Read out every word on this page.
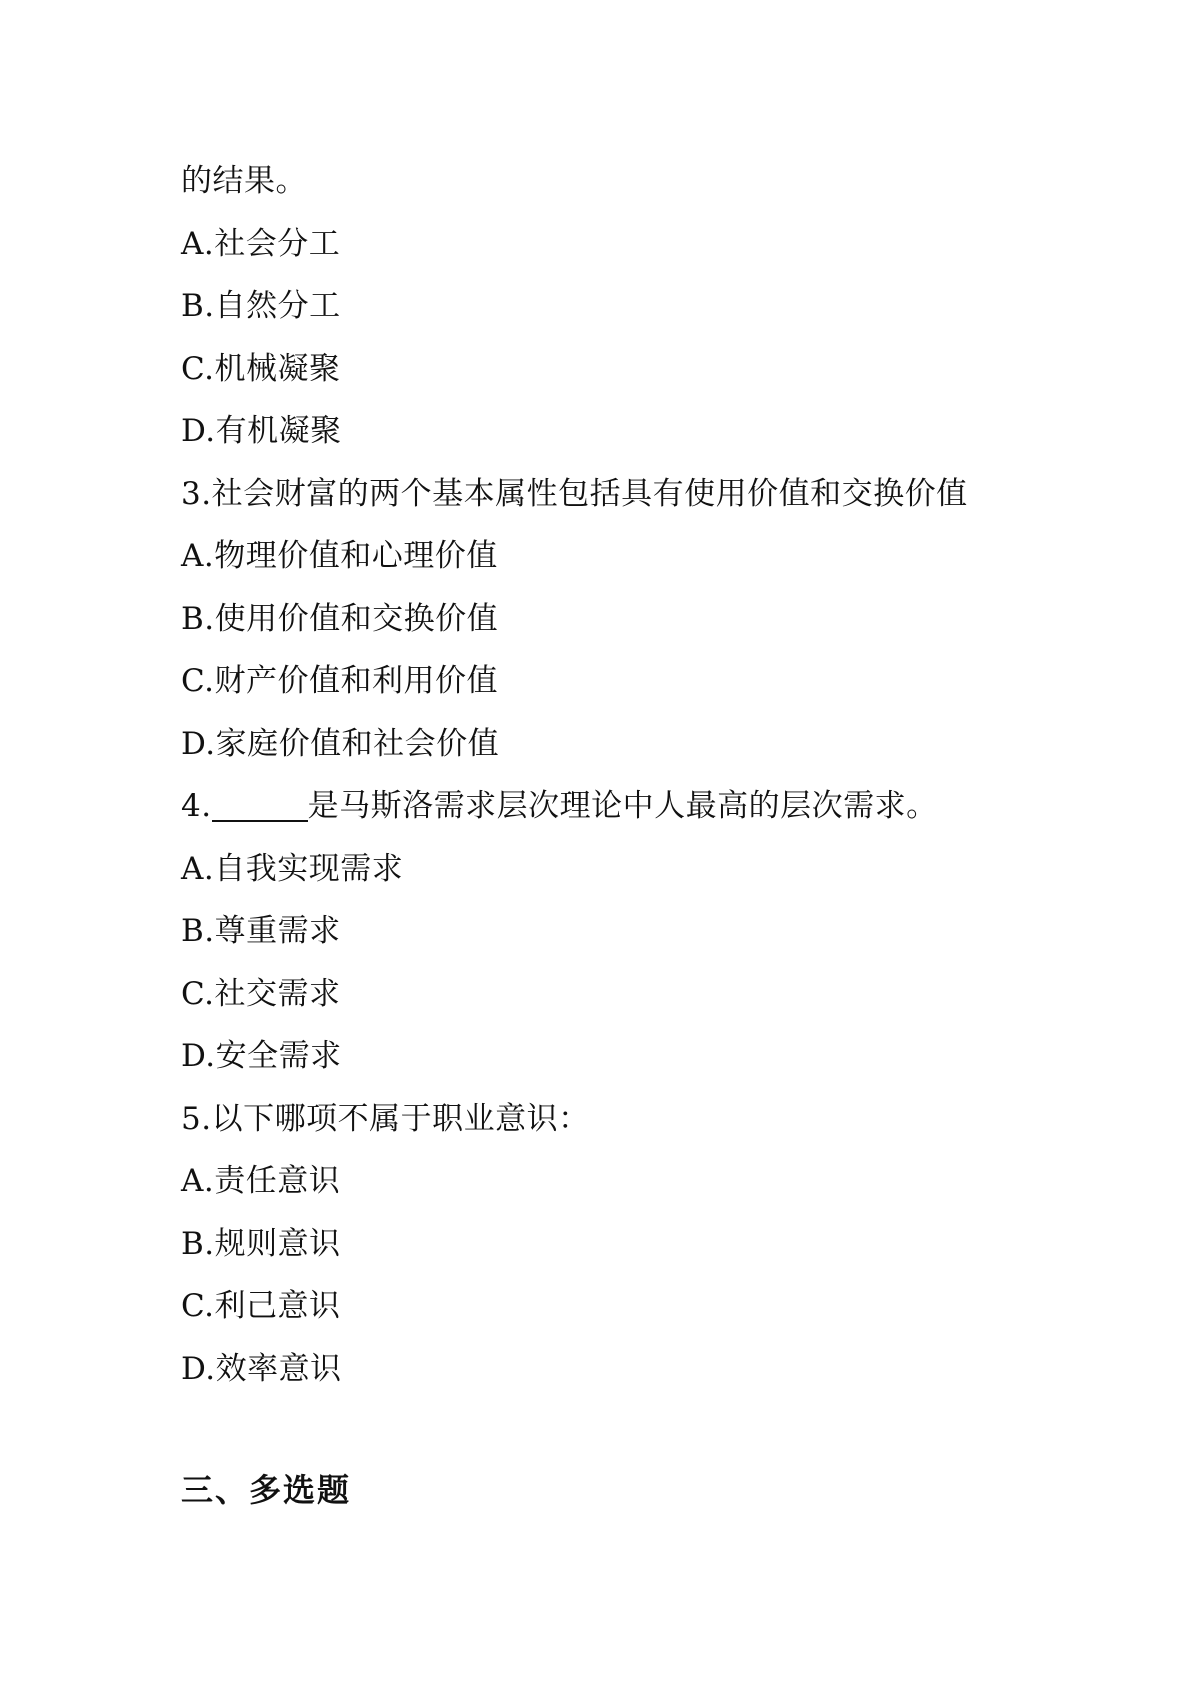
的结果。
A.社会分工
B.自然分工
C.机械凝聚
D.有机凝聚
3.社会财富的两个基本属性包括具有使用价值和交换价值
A.物理价值和心理价值
B.使用价值和交换价值
C.财产价值和利用价值
D.家庭价值和社会价值
4.	是马斯洛需求层次理论中人最高的层次需求。
A.自我实现需求
B.尊重需求
C.社交需求
D.安全需求
5.以下哪项不属于职业意识：
A.责任意识
B.规则意识
C.利己意识
D.效率意识
三、多选题
